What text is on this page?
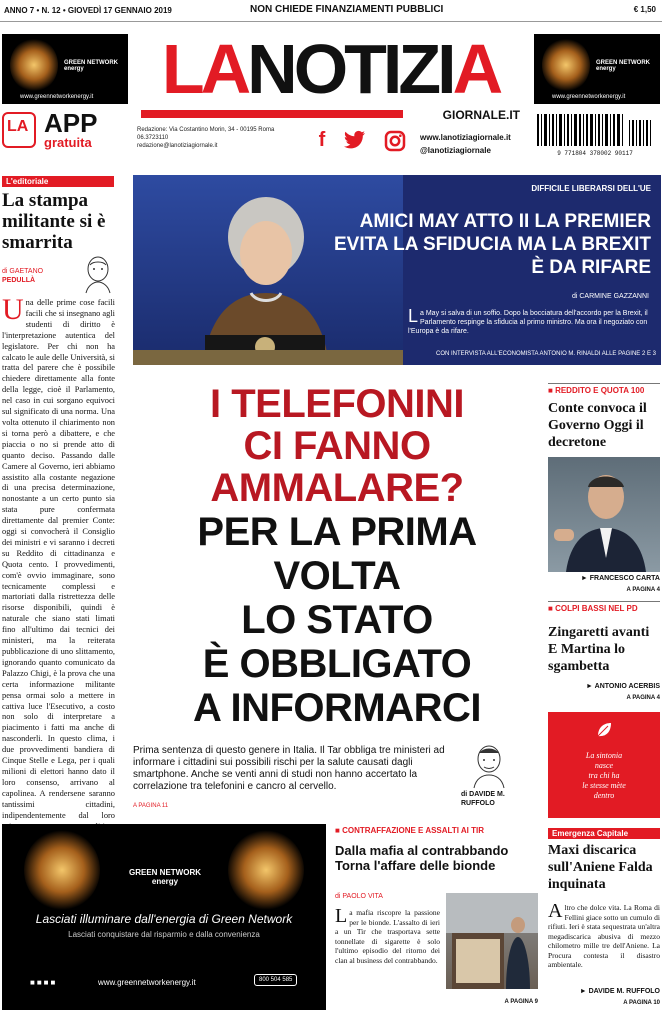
ANNO 7 • N. 12 • GIOVEDÌ 17 GENNAIO 2019	NON CHIEDE FINANZIAMENTI PUBBLICI	€ 1,50
GREEN NETWORK energy
www.greennetworkenergy.it
GREEN NETWORK energy
www.greennetworkenergy.it
LANOTIZIA
GIORNALE.IT
Redazione: Via Costantino Morin, 34 - 00195 Roma
06.3723110
redazione@lanotiziagiornale.it	f	www.lanotiziagiornale.it
@lanotiziagiornale	9 771804 378002 90117
LA APP
gratuita
L'editoriale
La stampa militante si è smarrita
di GAETANO
PEDULLÀ
Una delle prime cose facili facili che si insegnano agli studenti di diritto è l'interpretazione autentica del legislatore. Per chi non ha calcato le aule delle Università, si tratta del parere che è possibile chiedere direttamente alla fonte della legge, cioè il Parlamento, nel caso in cui sorgano equivoci sul significato di una norma. Una volta ottenuto il chiarimento non si torna però a dibattere, e che piaccia o no si prende atto di quanto deciso. Passando dalle Camere al Governo, ieri abbiamo assistito alla costante negazione di una precisa determinazione, nonostante a un certo punto sia stata pure confermata direttamente dal premier Conte: oggi si convocherà il Consiglio dei ministri e vi saranno i decreti su Reddito di cittadinanza e Quota cento. I provvedimenti, com'è ovvio immaginare, sono tecnicamente complessi e martoriati dalla ristrettezza delle risorse disponibili, quindi è naturale che siano stati limati fino all'ultimo dai tecnici dei ministeri, ma la reiterata pubblicazione di uno slittamento, ignorando quanto comunicato da Palazzo Chigi, è la prova che una certa informazione militante pensa ormai solo a mettere in cattiva luce l'Esecutivo, a costo non solo di interpretare a piacimento i fatti ma anche di nasconderli. In questo clima, i due provvedimenti bandiera di Cinque Stelle e Lega, per i quali milioni di elettori hanno dato il loro consenso, arrivano al capolinea. A rendersene saranno tantissimi cittadini, indipendentemente dal loro
DIFFICILE LIBERARSI DELL'UE
AMICI MAY ATTO II LA PREMIER EVITA LA SFIDUCIA MA LA BREXIT È DA RIFARE
di CARMINE GAZZANNI
La May si salva di un soffio. Dopo la bocciatura dell'accordo per la Brexit, il Parlamento respinge la sfiducia al primo ministro. Ma ora il negoziato con l'Europa è da rifare.
CON INTERVISTA ALL'ECONOMISTA ANTONIO M. RINALDI ALLE PAGINE 2 E 3
I TELEFONINI
CI FANNO
AMMALARE?
PER LA PRIMA
VOLTA
LO STATO
È OBBLIGATO
A INFORMARCI
Prima sentenza di questo genere in Italia. Il Tar obbliga tre ministeri ad informare i cittadini sui possibili rischi per la salute causati dagli smartphone. Anche se venti anni di studi non hanno accertato la correlazione tra telefonini e cancro al cervello.
A PAGINA 11
di DAVIDE M.
RUFFOLO
■ REDDITO E QUOTA 100
Conte convoca il Governo Oggi il decretone
► FRANCESCO CARTA
A PAGINA 4
■ COLPI BASSI NEL PD
Zingaretti avanti E Martina lo sgambetta
► ANTONIO ACERBIS
A PAGINA 4
La sintonia
nasce
tra chi ha
le stesse mète
dentro
GREEN NETWORK energy
Lasciati illuminare dall'energia di Green Network
Lasciati conquistare dal risparmio e dalla convenienza
■■■■	www.greennetworkenergy.it	800 504 585
■ CONTRAFFAZIONE E ASSALTI AI TIR
Dalla mafia al contrabbando Torna l'affare delle bionde
di PAOLO VITA
La mafia riscopre la passione per le bionde. L'assalto di ieri a un Tir che trasportava sette tonnellate di sigarette è solo l'ultimo episodio del ritorno dei clan al business del contrabbando.
A PAGINA 9
Emergenza Capitale
Maxi discarica sull'Aniene Falda inquinata
Altro che dolce vita. La Roma di Fellini giace sotto un cumulo di rifiuti. Ieri è stata sequestrata un'altra megadiscarica abusiva di mezzo chilometro mille tre dell'Aniene. La Procura contesta il disastro ambientale.
► DAVIDE M. RUFFOLO
A PAGINA 10
